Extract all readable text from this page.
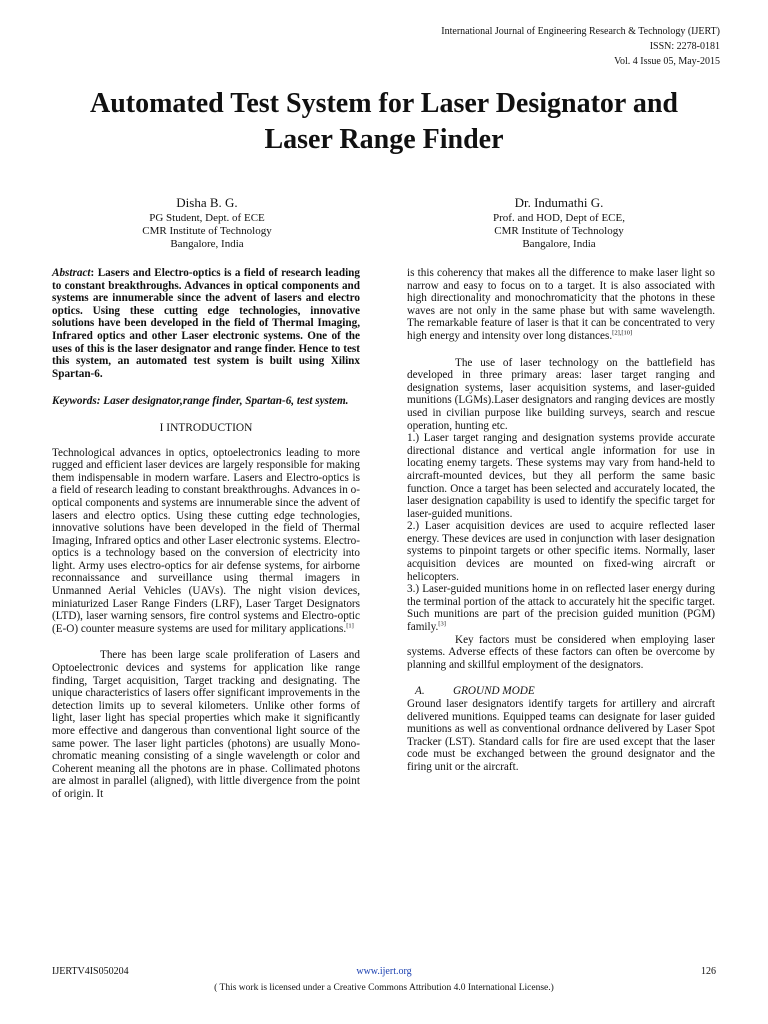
International Journal of Engineering Research & Technology (IJERT)
ISSN: 2278-0181
Vol. 4 Issue 05, May-2015
Automated Test System for Laser Designator and
Laser Range Finder
Disha B. G.
PG Student, Dept. of ECE
CMR Institute of Technology
Bangalore, India
Dr. Indumathi G.
Prof. and HOD, Dept of ECE,
CMR Institute of Technology
Bangalore, India

Abstract: Lasers and Electro-optics is a field of research leading to constant breakthroughs. Advances in optical components and systems are innumerable since the advent of lasers and electro optics. Using these cutting edge technologies, innovative solutions have been developed in the field of Thermal Imaging, Infrared optics and other Laser electronic systems. One of the uses of this is the laser designator and range finder. Hence to test this system, an automated test system is built using Xilinx Spartan-6.

Keywords: Laser designator,range finder, Spartan-6, test system.

I INTRODUCTION

Technological advances in optics, optoelectronics leading to more rugged and efficient laser devices are largely responsible for making them indispensable in modern warfare. Lasers and Electro-optics is a field of research leading to constant breakthroughs. Advances in o-optical components and systems are innumerable since the advent of lasers and electro optics. Using these cutting edge technologies, innovative solutions have been developed in the field of Thermal Imaging, Infrared optics and other Laser electronic systems. Electro-optics is a technology based on the conversion of electricity into light. Army uses electro-optics for air defense systems, for airborne reconnaissance and surveillance using thermal imagers in Unmanned Aerial Vehicles (UAVs). The night vision devices, miniaturized Laser Range Finders (LRF), Laser Target Designators (LTD), laser warning sensors, fire control systems and Electro-optic (E-O) counter measure systems are used for military applications.[1]

There has been large scale proliferation of Lasers and Optoelectronic devices and systems for application like range finding, Target acquisition, Target tracking and designating. The unique characteristics of lasers offer significant improvements in the detection limits up to several kilometers. Unlike other forms of light, laser light has special properties which make it significantly more effective and dangerous than conventional light source of the same power. The laser light particles (photons) are usually Mono-chromatic meaning consisting of a single wavelength or color and Coherent meaning all the photons are in phase. Collimated photons are almost in parallel (aligned), with little divergence from the point of origin. It

is this coherency that makes all the difference to make laser light so narrow and easy to focus on to a target. It is also associated with high directionality and monochromaticity that the photons in these waves are not only in the same phase but with same wavelength. The remarkable feature of laser is that it can be concentrated to very high energy and intensity over long distances.[2],[10]

The use of laser technology on the battlefield has developed in three primary areas: laser target ranging and designation systems, laser acquisition systems, and laser-guided munitions (LGMs).Laser designators and ranging devices are mostly used in civilian purpose like building surveys, search and rescue operation, hunting etc.

1.) Laser target ranging and designation systems provide accurate directional distance and vertical angle information for use in locating enemy targets. These systems may vary from hand-held to aircraft-mounted devices, but they all perform the same basic function. Once a target has been selected and accurately located, the laser designation capability is used to identify the specific target for laser-guided munitions.

2.) Laser acquisition devices are used to acquire reflected laser energy. These devices are used in conjunction with laser designation systems to pinpoint targets or other specific items. Normally, laser acquisition devices are mounted on fixed-wing aircraft or helicopters.

3.) Laser-guided munitions home in on reflected laser energy during the terminal portion of the attack to accurately hit the specific target. Such munitions are part of the precision guided munition (PGM) family.[3]

Key factors must be considered when employing laser systems. Adverse effects of these factors can often be overcome by planning and skillful employment of the designators.

A.	GROUND MODE

Ground laser designators identify targets for artillery and aircraft delivered munitions. Equipped teams can designate for laser guided munitions as well as conventional ordnance delivered by Laser Spot Tracker (LST). Standard calls for fire are used except that the laser code must be exchanged between the ground designator and the firing unit or the aircraft.

IJERTV4IS050204	www.ijert.org	126
( This work is licensed under a Creative Commons Attribution 4.0 International License.)
